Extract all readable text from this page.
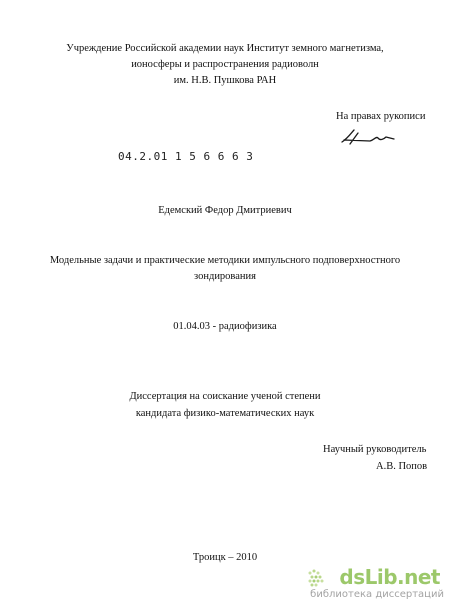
Учреждение Российской академии наук Институт земного магнетизма,
ионосферы и распространения радиоволн
им. Н.В. Пушкова РАН
На правах рукописи
04.2.01 1 5 6 6 6 3
Едемский Федор Дмитриевич
Модельные задачи и практические методики импульсного подповерхностного
зондирования
01.04.03 - радиофизика
Диссертация на соискание ученой степени
кандидата физико-математических наук
Научный руководитель
А.В. Попов
Троицк – 2010
dsLib.net
библиотека диссертаций
